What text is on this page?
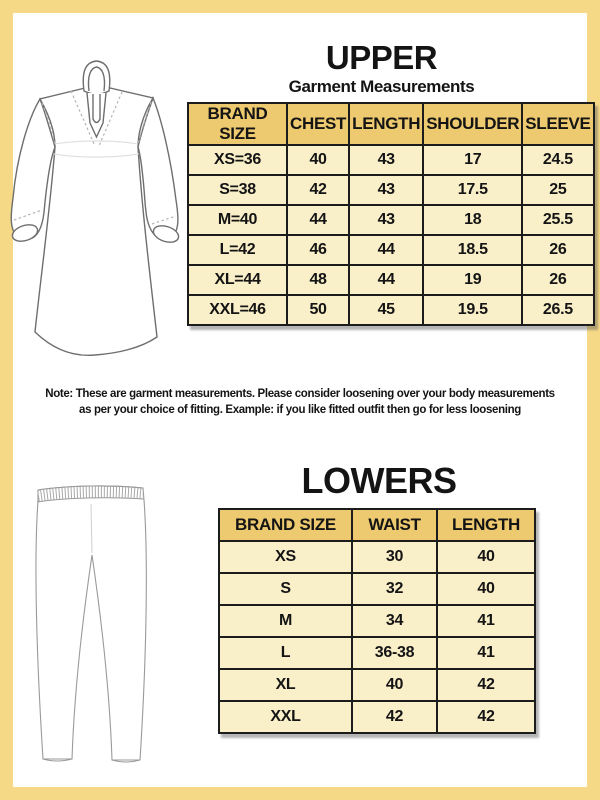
UPPER
Garment Measurements
BRAND SIZE	CHEST	LENGTH	SHOULDER	SLEEVE
XS=36	40	43	17	24.5
S=38	42	43	17.5	25
M=40	44	43	18	25.5
L=42	46	44	18.5	26
XL=44	48	44	19	26
XXL=46	50	45	19.5	26.5
Note: These are garment measurements. Please consider loosening over your body measurements as per your choice of fitting. Example: if you like fitted outfit then go for less loosening
LOWERS
BRAND SIZE	WAIST	LENGTH
XS	30	40
S	32	40
M	34	41
L	36-38	41
XL	40	42
XXL	42	42
